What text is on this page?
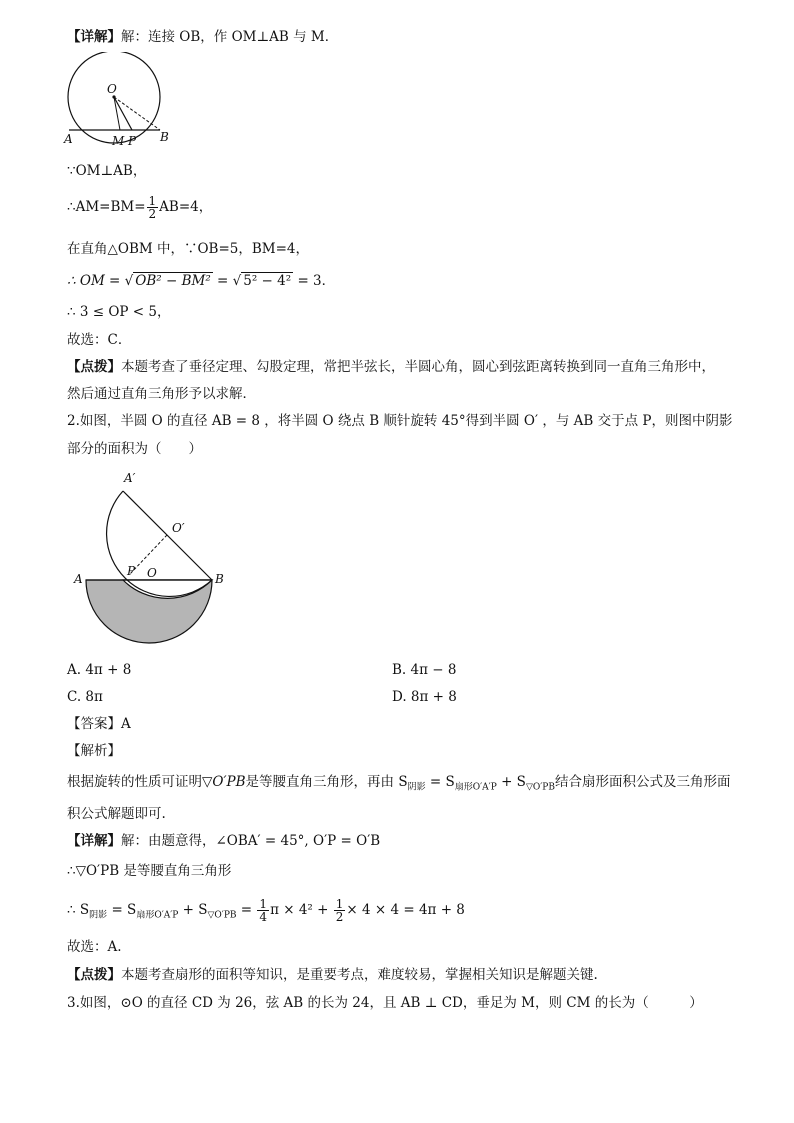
【详解】解：连接 OB，作 OM⊥AB 与 M．
O
A	M P B
∵OM⊥AB，
∴AM=BM= $\frac{1}{2} AB=4$，
在直角△OBM 中，∵OB=5，BM=4，
∴ OM = √ OB² − BM² = √ 5² − 4² = 3．
∴ 3 ≤ OP < 5，
故选：C．
【点拨】本题考查了垂径定理、勾股定理，常把半弦长，半圆心角，圆心到弦距离转换到同一直角三角形中，
然后通过直角三角形予以求解．
2.如图，半圆 O 的直径 AB = 8 ，将半圆 O 绕点 B 顺针旋转 45°得到半圆 O′ ，与 AB 交于点 P，则图中阴影
部分的面积为（　　）
A′
O′
P O
A	B
A. 4π + 8	B. 4π − 8
C. 8π	D. 8π + 8
【答案】A
【解析】
根据旋转的性质可证明▽O′PB是等腰直角三角形，再由 $S_{阴影} = S_{扇形O'A'P} + S_{▽O'PB}$结合扇形面积公式及三角形面
积公式解题即可.
【详解】解：由题意得，∠OBA′ = 45°, O′P = O′B
∴▽O′PB 是等腰直角三角形
∴ $S_{阴影} = S_{扇形O'A'P} + S_{▽O'PB} = \frac{1}{4}$ $\pi \times 4^2 + \frac{1}{2} \times 4 \times 4 = 4\pi + 8$
故选：A.
【点拨】本题考查扇形的面积等知识，是重要考点，难度较易，掌握相关知识是解题关键.
3.如图，⊙O 的直径 CD 为 26，弦 AB 的长为 24，且 AB ⊥ CD，垂足为 M，则 CM 的长为（　　　）
